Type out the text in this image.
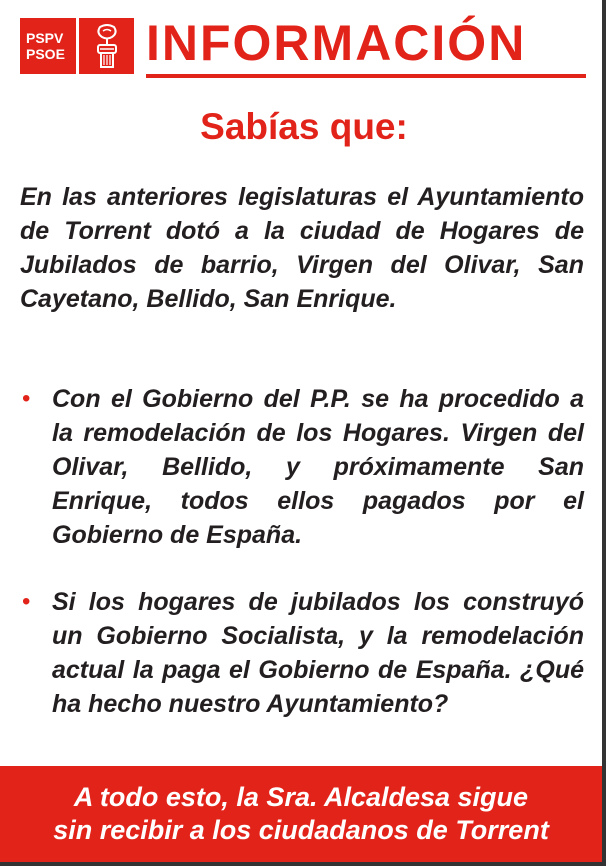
PSPV
PSOE INFORMACIÓN
Sabías que:
En las anteriores legislaturas el Ayuntamiento de Torrent dotó a la ciudad de Hogares de Jubilados de barrio, Virgen del Olivar, San Cayetano, Bellido, San Enrique.
• Con el Gobierno del P.P. se ha procedido a la remodelación de los Hogares. Virgen del Olivar, Bellido, y próximamente San Enrique, todos ellos pagados por el Gobierno de España.
• Si los hogares de jubilados los construyó un Gobierno Socialista, y la remodelación actual la paga el Gobierno de España. ¿Qué ha hecho nuestro Ayuntamiento?
A todo esto, la Sra. Alcaldesa sigue
sin recibir a los ciudadanos de Torrent
